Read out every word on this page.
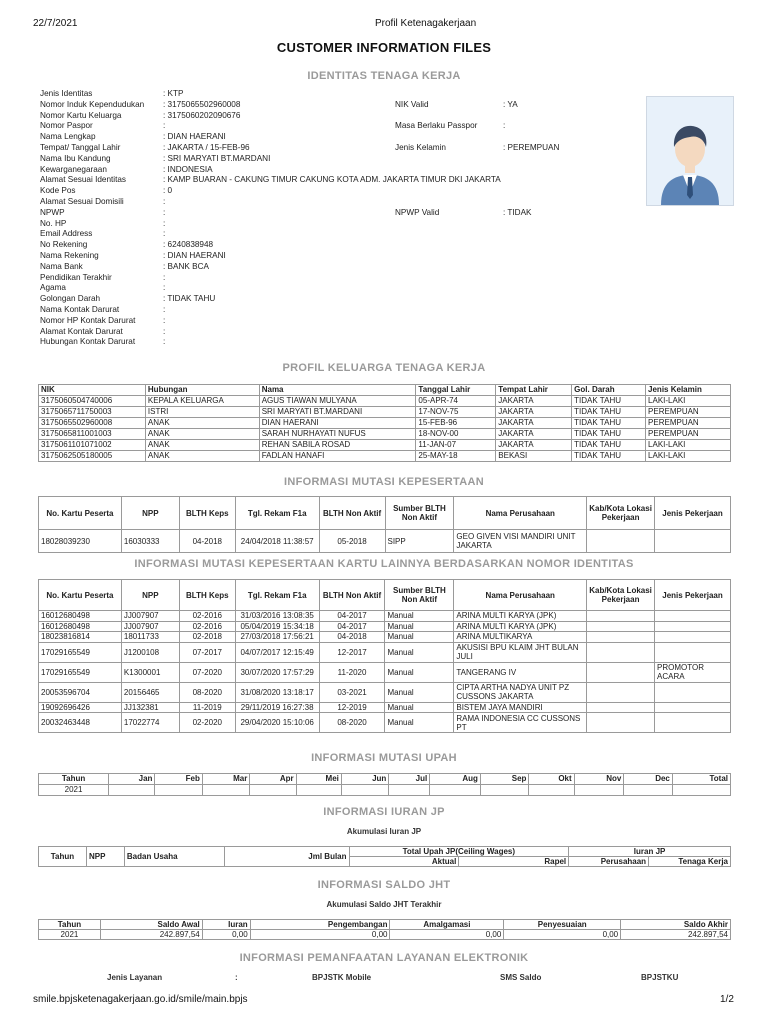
22/7/2021	Profil Ketenagakerjaan
CUSTOMER INFORMATION FILES
IDENTITAS TENAGA KERJA
Jenis Identitas	: KTP
Nomor Induk Kependudukan : 3175065502960008
Nomor Kartu Keluarga	: 3175060202090676
Nomor Paspor	:
Nama Lengkap	: DIAN HAERANI
Tempat/ Tanggal Lahir	: JAKARTA / 15-FEB-96
Nama Ibu Kandung	: SRI MARYATI BT.MARDANI
Kewarganegaraan	: INDONESIA
Alamat Sesuai Identitas	: KAMP BUARAN - CAKUNG TIMUR CAKUNG KOTA ADM. JAKARTA TIMUR DKI JAKARTA
Kode Pos	: 0
Alamat Sesuai Domisili	:
NPWP	:
No. HP	:
Email Address	:
No Rekening	: 6240838948
Nama Rekening	: DIAN HAERANI
Nama Bank	: BANK BCA
Pendidikan Terakhir	:
Agama	:
Golongan Darah	: TIDAK TAHU
Nama Kontak Darurat	:
Nomor HP Kontak Darurat	:
Alamat Kontak Darurat	:
Hubungan Kontak Darurat	:
NIK Valid	: YA
Masa Berlaku Passpor	:
Jenis Kelamin	: PEREMPUAN
NPWP Valid	: TIDAK
PROFIL KELUARGA TENAGA KERJA
NIK	Hubungan	Nama	Tanggal Lahir	Tempat Lahir	Gol. Darah	Jenis Kelamin
3175060504740006	KEPALA KELUARGA	AGUS TIAWAN MULYANA	05-APR-74	JAKARTA	TIDAK TAHU	LAKI-LAKI
3175065711750003	ISTRI	SRI MARYATI BT.MARDANI	17-NOV-75	JAKARTA	TIDAK TAHU	PEREMPUAN
3175065502960008	ANAK	DIAN HAERANI	15-FEB-96	JAKARTA	TIDAK TAHU	PEREMPUAN
3175065811001003	ANAK	SARAH NURHAYATI NUFUS	18-NOV-00	JAKARTA	TIDAK TAHU	PEREMPUAN
3175061101071002	ANAK	REHAN SABILA ROSAD	11-JAN-07	JAKARTA	TIDAK TAHU	LAKI-LAKI
3175062505180005	ANAK	FADLAN HANAFI	25-MAY-18	BEKASI	TIDAK TAHU	LAKI-LAKI
INFORMASI MUTASI KEPESERTAAN
No. Kartu Peserta	NPP	BLTH Keps	Tgl. Rekam F1a	BLTH Non Aktif	Sumber BLTH Non Aktif	Nama Perusahaan	Kab/Kota Lokasi Pekerjaan	Jenis Pekerjaan
18028039230	16030333	04-2018	24/04/2018 11:38:57	05-2018	SIPP	GEO GIVEN VISI MANDIRI UNIT JAKARTA		
INFORMASI MUTASI KEPESERTAAN KARTU LAINNYA BERDASARKAN NOMOR IDENTITAS
No. Kartu Peserta	NPP	BLTH Keps	Tgl. Rekam F1a	BLTH Non Aktif	Sumber BLTH Non Aktif	Nama Perusahaan	Kab/Kota Lokasi Pekerjaan	Jenis Pekerjaan
16012680498	JJ007907	02-2016	31/03/2016 13:08:35	04-2017	Manual	ARINA MULTI KARYA (JPK)		
16012680498	JJ007907	02-2016	05/04/2019 15:34:18	04-2017	Manual	ARINA MULTI KARYA (JPK)		
18023816814	18011733	02-2018	27/03/2018 17:56:21	04-2018	Manual	ARINA MULTIKARYA		
17029165549	J1200108	07-2017	04/07/2017 12:15:49	12-2017	Manual	AKUSISI BPU KLAIM JHT BULAN JULI		
17029165549	K1300001	07-2020	30/07/2020 17:57:29	11-2020	Manual	TANGERANG IV		PROMOTOR ACARA
20053596704	20156465	08-2020	31/08/2020 13:18:17	03-2021	Manual	CIPTA ARTHA NADYA UNIT PZ CUSSONS JAKARTA		
19092696426	JJ132381	11-2019	29/11/2019 16:27:38	12-2019	Manual	BISTEM JAYA MANDIRI		
20032463448	17022774	02-2020	29/04/2020 15:10:06	08-2020	Manual	RAMA INDONESIA CC CUSSONS PT		
INFORMASI MUTASI UPAH
Tahun	Jan	Feb	Mar	Apr	Mei	Jun	Jul	Aug	Sep	Okt	Nov	Dec	Total
2021													
INFORMASI IURAN JP
Akumulasi Iuran JP
Tahun	NPP	Badan Usaha	Jml Bulan	Total Upah JP(Ceiling Wages)		Iuran JP	
				Aktual	Rapel	Perusahaan	Tenaga Kerja
INFORMASI SALDO JHT
Akumulasi Saldo JHT Terakhir
Tahun	Saldo Awal	Iuran	Pengembangan	Amalgamasi	Penyesuaian	Saldo Akhir
2021	242.897,54	0,00	0,00	0,00	0,00	242.897,54
INFORMASI PEMANFAATAN LAYANAN ELEKTRONIK
Jenis Layanan	:	BPJSTK Mobile	SMS Saldo	BPJSTKU
smile.bpjsketenagakerjaan.go.id/smile/main.bpjs	1/2
